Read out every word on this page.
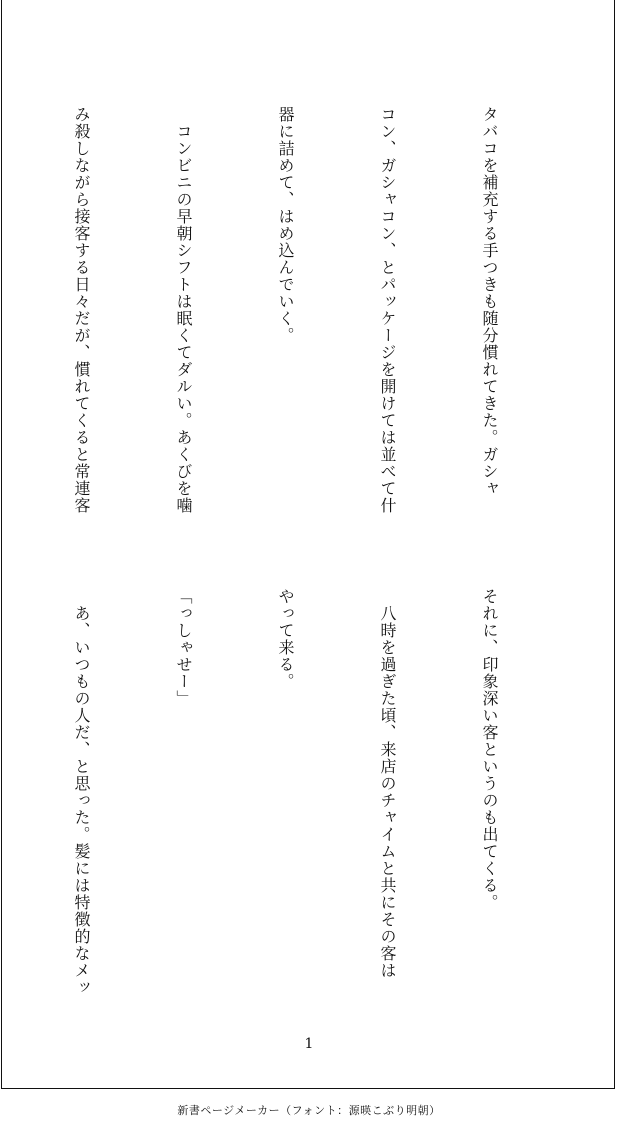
タバコを補充する手つきも随分慣れてきた。ガシャ

コン、ガシャコン、とパッケージを開けては並べて什

器に詰めて、はめ込んでいく。

　コンビニの早朝シフトは眠くてダルい。あくびを噛

み殺しながら接客する日々だが、慣れてくると常連客

それに、印象深い客というのも出てくる。

　八時を過ぎた頃、来店のチャイムと共にその客は

やって来る。

「っしゃせー」

　あ、いつもの人だ、と思った。髪には特徴的なメッ

1
新書ページメーカー（フォント：源暎こぶり明朝）
